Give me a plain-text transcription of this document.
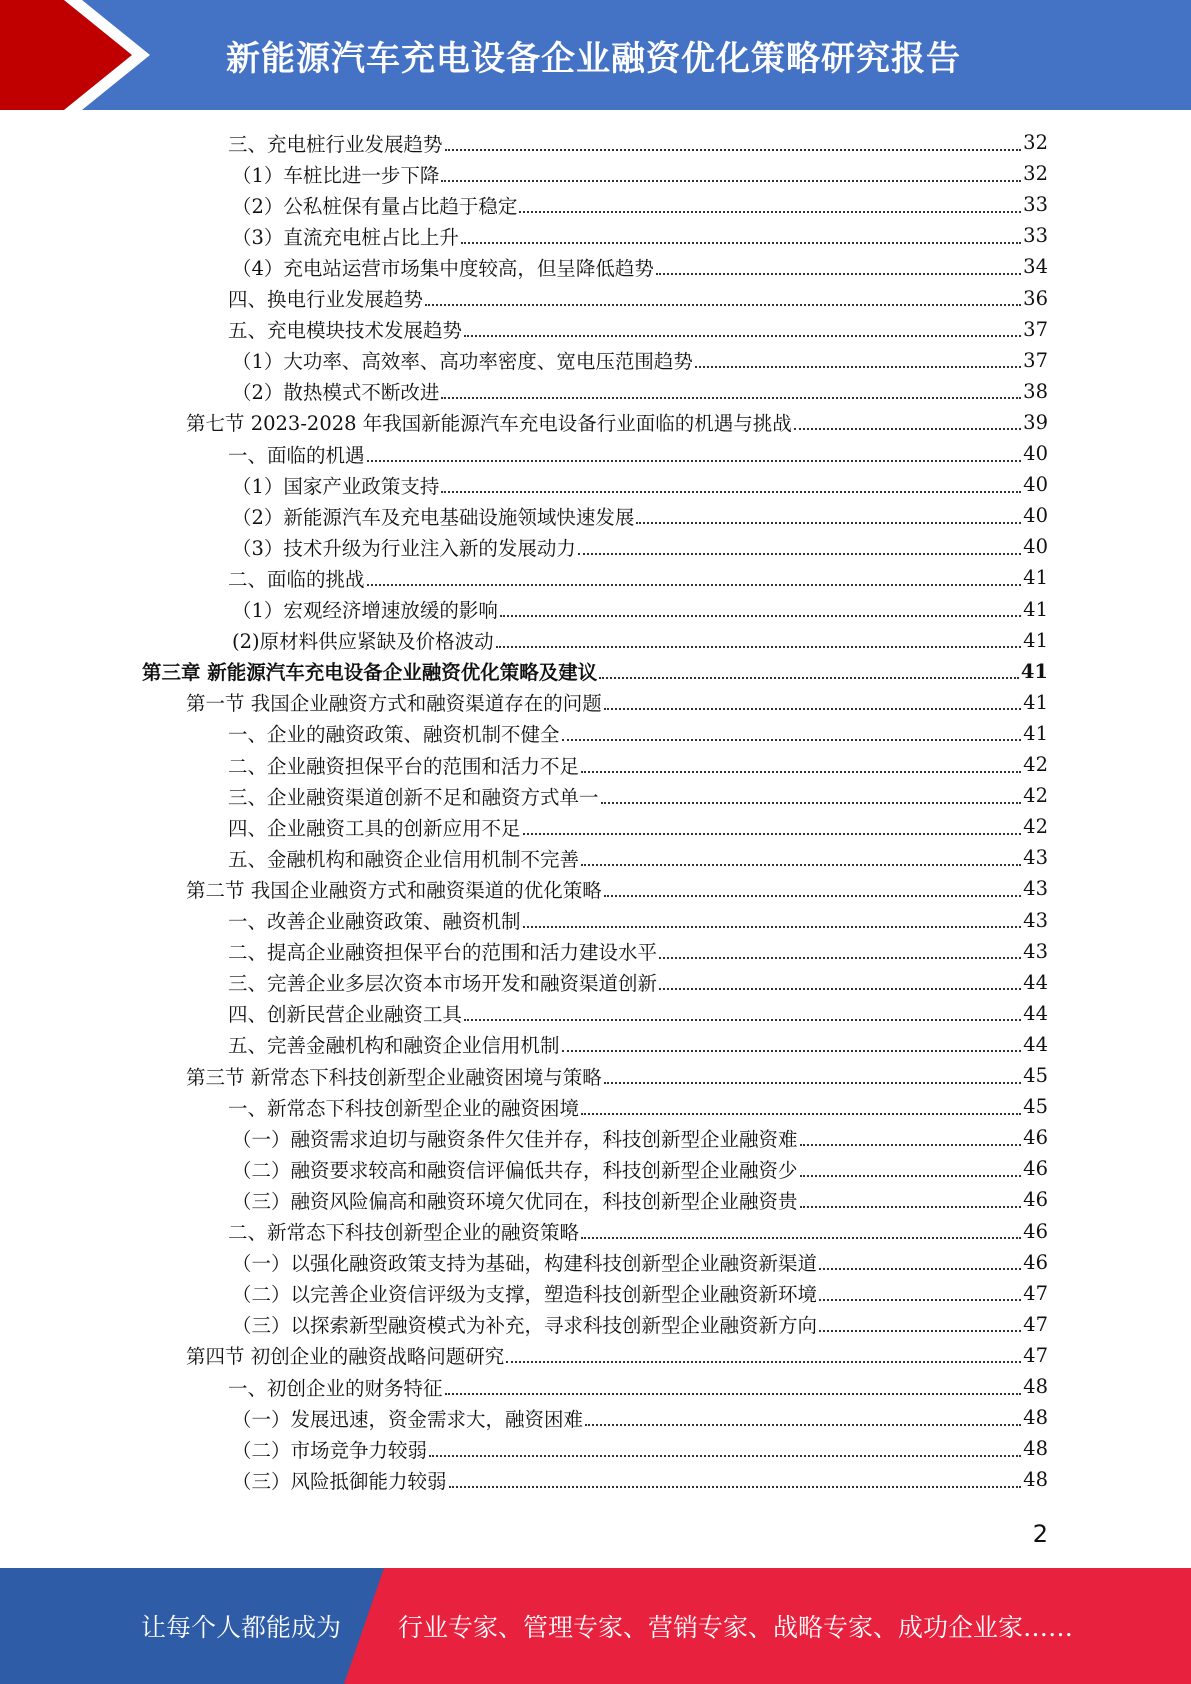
新能源汽车充电设备企业融资优化策略研究报告
三、充电桩行业发展趋势	32
（1）车桩比进一步下降	32
（2）公私桩保有量占比趋于稳定	33
（3）直流充电桩占比上升	33
（4）充电站运营市场集中度较高，但呈降低趋势	34
四、换电行业发展趋势	36
五、充电模块技术发展趋势	37
（1）大功率、高效率、高功率密度、宽电压范围趋势	37
（2）散热模式不断改进	38
第七节 2023-2028 年我国新能源汽车充电设备行业面临的机遇与挑战	39
一、面临的机遇	40
（1）国家产业政策支持	40
（2）新能源汽车及充电基础设施领域快速发展	40
（3）技术升级为行业注入新的发展动力	40
二、面临的挑战	41
（1）宏观经济增速放缓的影响	41
(2)原材料供应紧缺及价格波动	41
第三章 新能源汽车充电设备企业融资优化策略及建议	41
第一节 我国企业融资方式和融资渠道存在的问题	41
一、企业的融资政策、融资机制不健全	41
二、企业融资担保平台的范围和活力不足	42
三、企业融资渠道创新不足和融资方式单一	42
四、企业融资工具的创新应用不足	42
五、金融机构和融资企业信用机制不完善	43
第二节 我国企业融资方式和融资渠道的优化策略	43
一、改善企业融资政策、融资机制	43
二、提高企业融资担保平台的范围和活力建设水平	43
三、完善企业多层次资本市场开发和融资渠道创新	44
四、创新民营企业融资工具	44
五、完善金融机构和融资企业信用机制	44
第三节 新常态下科技创新型企业融资困境与策略	45
一、新常态下科技创新型企业的融资困境	45
（一）融资需求迫切与融资条件欠佳并存，科技创新型企业融资难	46
（二）融资要求较高和融资信评偏低共存，科技创新型企业融资少	46
（三）融资风险偏高和融资环境欠优同在，科技创新型企业融资贵	46
二、新常态下科技创新型企业的融资策略	46
（一）以强化融资政策支持为基础，构建科技创新型企业融资新渠道	46
（二）以完善企业资信评级为支撑，塑造科技创新型企业融资新环境	47
（三）以探索新型融资模式为补充，寻求科技创新型企业融资新方向	47
第四节 初创企业的融资战略问题研究	47
一、初创企业的财务特征	48
（一）发展迅速，资金需求大，融资困难	48
（二）市场竞争力较弱	48
（三）风险抵御能力较弱	48
2
让每个人都能成为 行业专家、管理专家、营销专家、战略专家、成功企业家……
